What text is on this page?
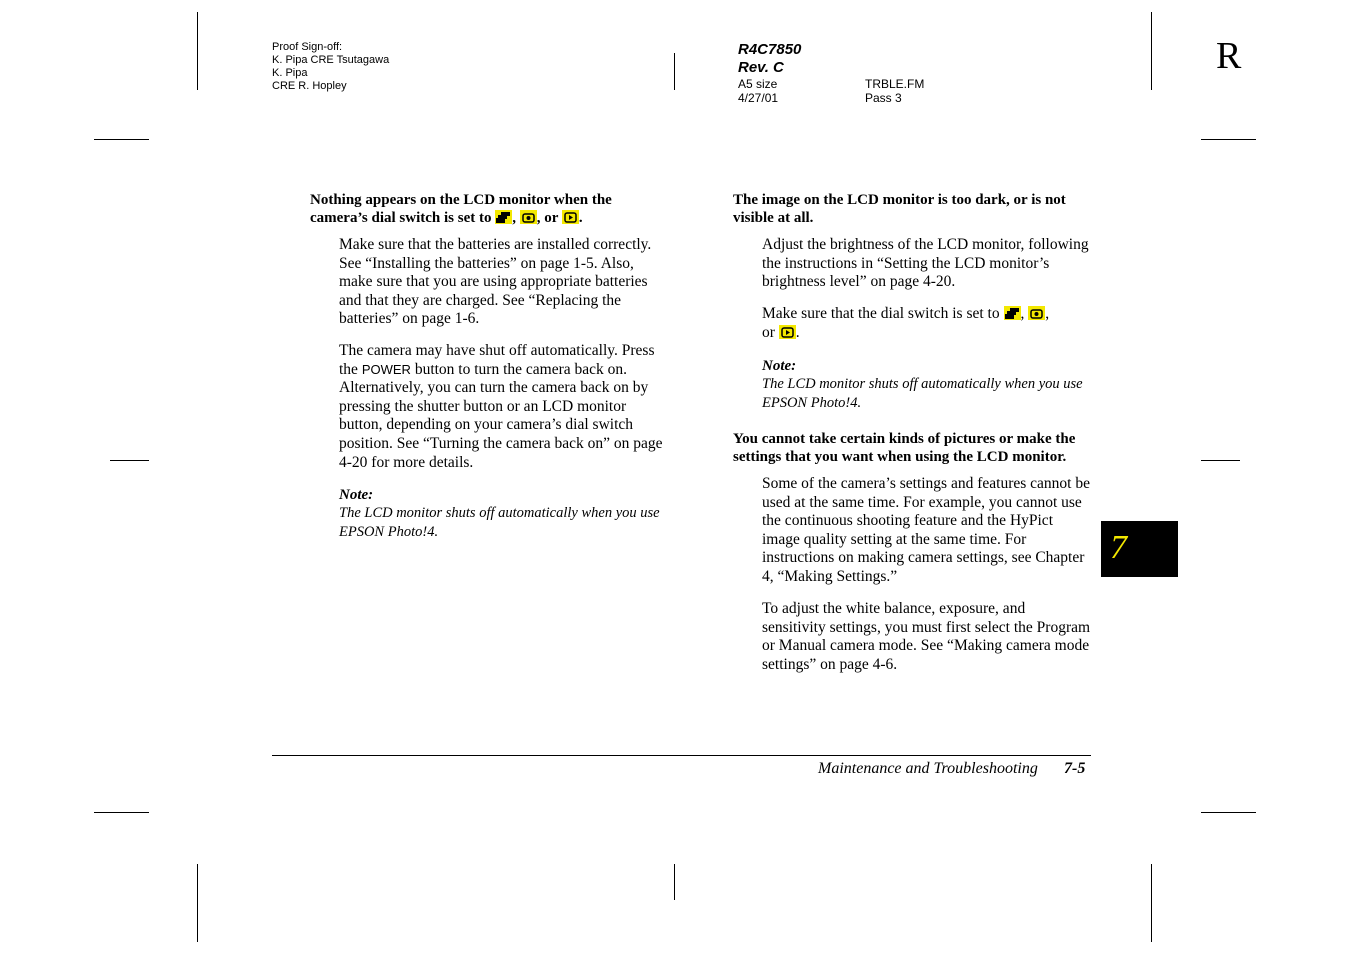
Proof Sign-off:
K. Pipa CRE Tsutagawa
K. Pipa
CRE R. Hopley
R4C7850
Rev. C
A5 size
4/27/01
TRBLE.FM
Pass 3
R
Nothing appears on the LCD monitor when the camera’s dial switch is set to , , or .
Make sure that the batteries are installed correctly. See “Installing the batteries” on page 1-5. Also, make sure that you are using appropriate batteries and that they are charged. See “Replacing the batteries” on page 1-6.
The camera may have shut off automatically. Press the POWER button to turn the camera back on. Alternatively, you can turn the camera back on by pressing the shutter button or an LCD monitor button, depending on your camera’s dial switch position. See “Turning the camera back on” on page 4-20 for more details.
Note:
The LCD monitor shuts off automatically when you use EPSON Photo!4.
The image on the LCD monitor is too dark, or is not visible at all.
Adjust the brightness of the LCD monitor, following the instructions in “Setting the LCD monitor’s brightness level” on page 4-20.
Make sure that the dial switch is set to , ,
or .
Note:
The LCD monitor shuts off automatically when you use EPSON Photo!4.
You cannot take certain kinds of pictures or make the settings that you want when using the LCD monitor.
Some of the camera’s settings and features cannot be used at the same time. For example, you cannot use the continuous shooting feature and the HyPict image quality setting at the same time. For instructions on making camera settings, see Chapter 4, “Making Settings.”
To adjust the white balance, exposure, and sensitivity settings, you must first select the Program or Manual camera mode. See “Making camera mode settings” on page 4-6.
7
Maintenance and Troubleshooting 7-5
